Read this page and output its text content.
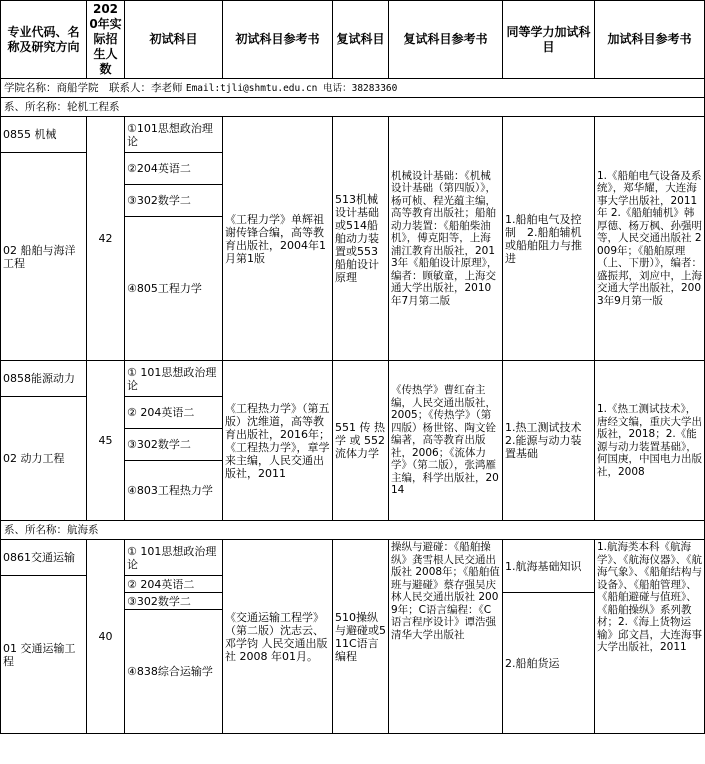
专业代码、名称及研究方向	2020年实际招生人数	初试科目	初试科目参考书	复试科目	复试科目参考书	同等学力加试科目	加试科目参考书
学院名称：商船学院　联系人：李老师 Email:tjli@shmtu.edu.cn 电话：38283360							
系、所名称：轮机工程系							
0855 机械	42	①101思想政治理论	《工程力学》单辉祖谢传锋合编，高等教育出版社，2004年1月第1版	513机械设计基础或514船舶动力装置或553船舶设计原理	机械设计基础：《机械设计基础（第四版）》，杨可桢、程光蕴主编，高等教育出版社；船舶动力装置：《船舶柴油机》，傅克阳等，上海浦江教育出版社，2013年《船舶设计原理》，编者：顾敏童，上海交通大学出版社，2010年7月第二版	1.船舶电气及控制　2.船舶辅机或船舶阻力与推进	1.《船舶电气设备及系统》，郑华耀，大连海事大学出版社，2011年 2.《船舶辅机》韩厚德、杨万枫、孙强明等，人民交通出版社 2009年；《船舶原理（上、下册）》，编者：盛振邦，刘应中，上海交通大学出版社，2003年9月第一版
02 船舶与海洋工程		②204英语二					
		③302数学二					
		④805工程力学					
0858能源动力	45	① 101思想政治理论	《工程热力学》（第五版）沈维道，高等教育出版社，2016年；《工程热力学》，章学来主编，人民交通出版社，2011	551 传 热学 或 552 流体力学	《传热学》曹红奋主编，人民交通出版社，2005；《传热学》（第四版）杨世铭、陶文铨编著，高等教育出版社，2006；《流体力学》（第二版），张鸿雁主编，科学出版社，2014	1.热工测试技术 2.能源与动力装置基础	1.《热工测试技术》，唐经文编，重庆大学出版社，2018；2.《能源与动力装置基础》，何国庚，中国电力出版社，2008
02 动力工程		② 204英语二					
		③302数学二					
		④803工程热力学					
系、所名称：航海系							
0861交通运输	40	① 101思想政治理论	《交通运输工程学》（第二版）沈志云、邓学钧 人民交通出版社 2008 年01月。	510操纵与避碰或511C语言编程	操纵与避碰：《船舶操纵》龚雪根人民交通出版社 2008年；《船舶值班与避碰》蔡存强吴庆林人民交通出版社 2009年；C语言编程：《C语言程序设计》谭浩强清华大学出版社	1.航海基础知识	1.航海类本科《航海学》、《航海仪器》、《航海气象》、《船舶结构与设备》、《船舶管理》、《船舶避碰与值班》、《船舶操纵》系列教材；2.《海上货物运输》邱文昌，大连海事大学出版社，2011
01 交通运输工程		② 204英语二					
		③302数学二				2.船舶货运	
		④838综合运输学					
